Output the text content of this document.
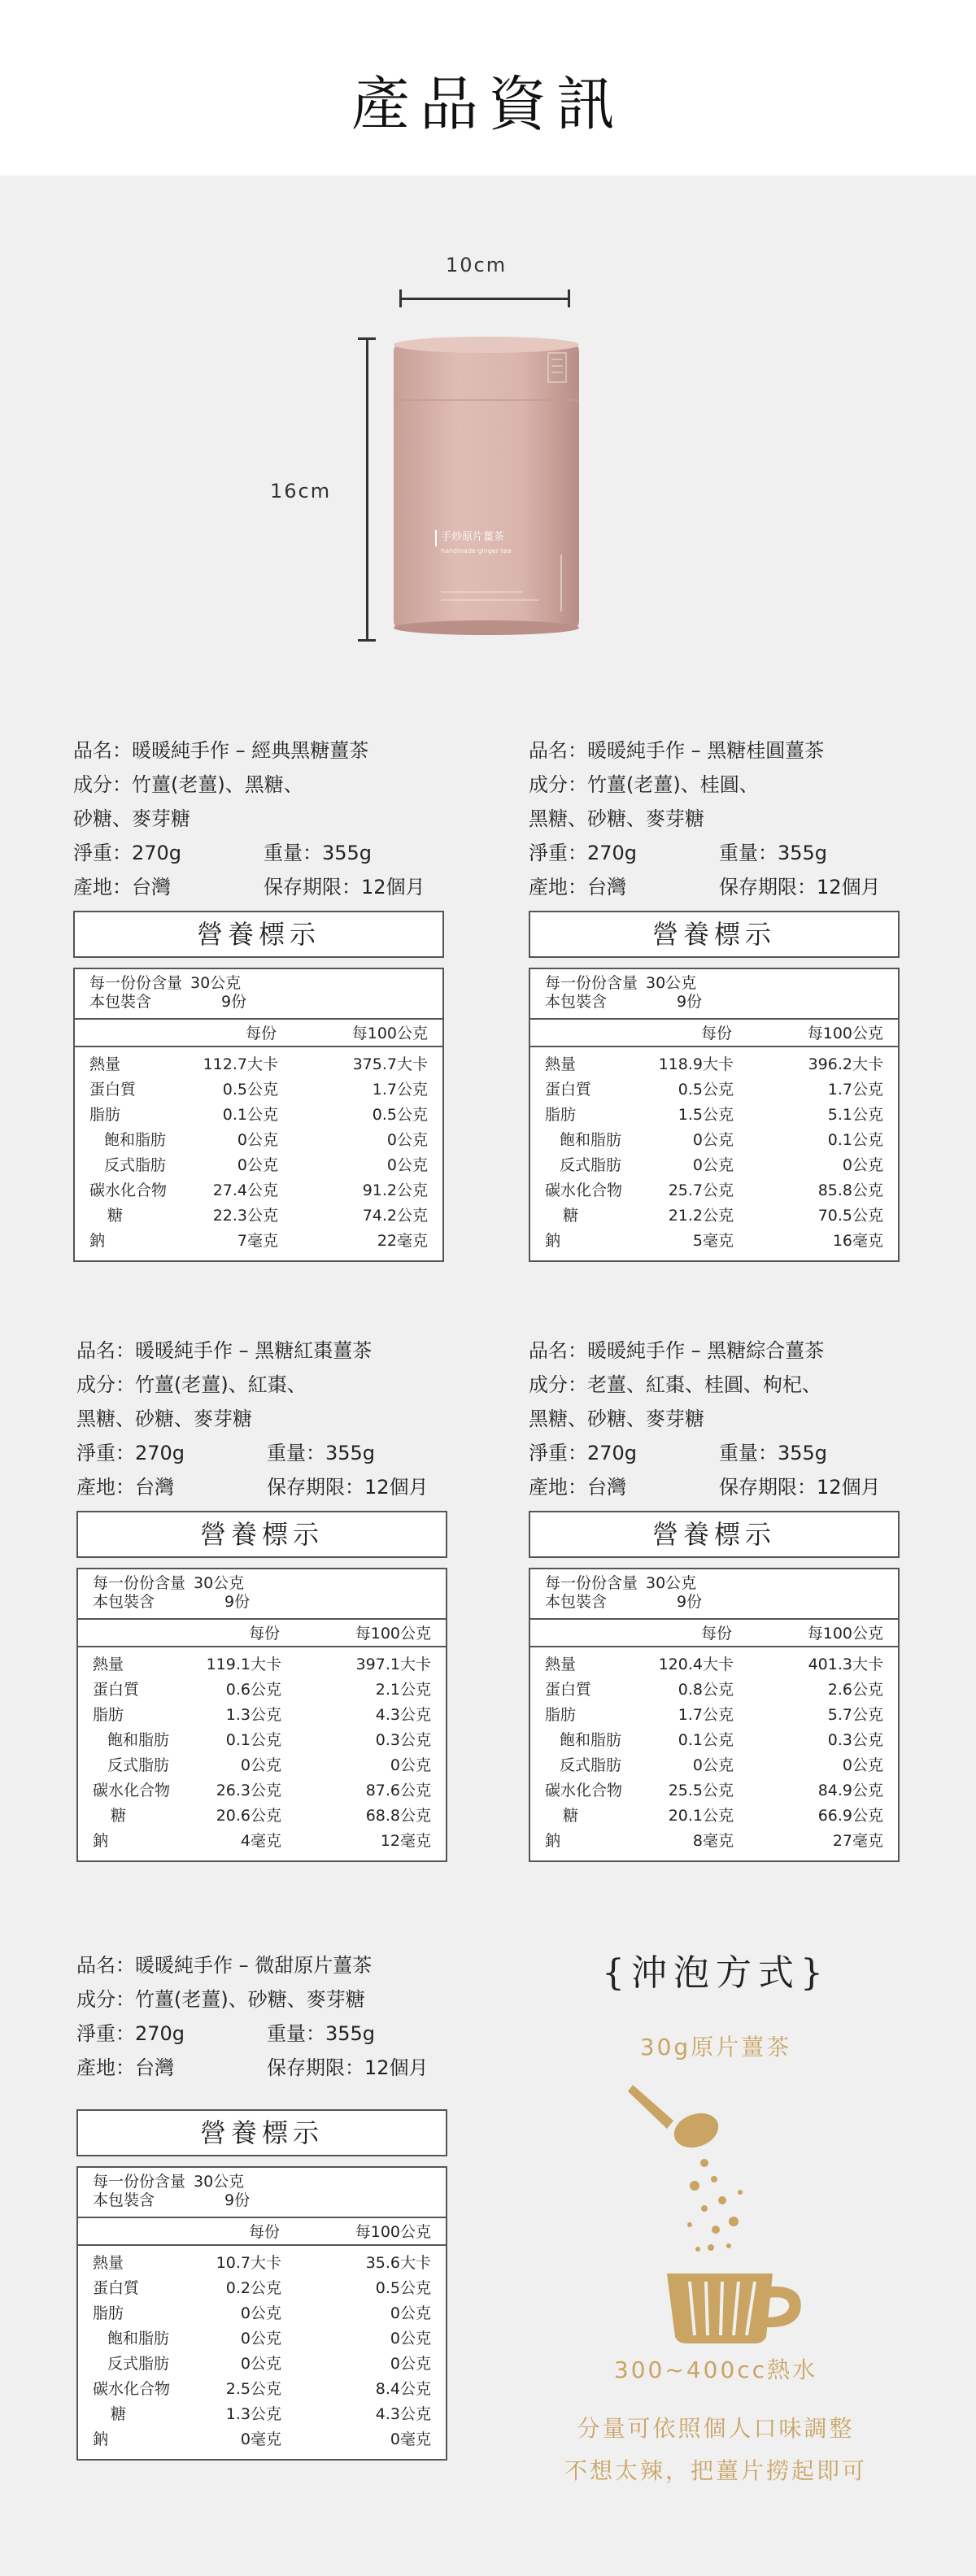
產品資訊
10cm
16cm
手炒原片薑茶
handmade ginger tea
品名：暖暖純手作 – 經典黑糖薑茶
成分：竹薑(老薑)、黑糖、
砂糖、麥芽糖
淨重：270g	重量：355g
產地：台灣	保存期限：12個月
營養標示
每一份份含量 30公克
本包裝含	9份
每份	每100公克
熱量	112.7大卡	375.7大卡
蛋白質	0.5公克	1.7公克
脂肪	0.1公克	0.5公克
飽和脂肪	0公克	0公克
反式脂肪	0公克	0公克
碳水化合物	27.4公克	91.2公克
糖	22.3公克	74.2公克
鈉	7毫克	22毫克
品名：暖暖純手作 – 黑糖桂圓薑茶
成分：竹薑(老薑)、桂圓、
黑糖、砂糖、麥芽糖
淨重：270g	重量：355g
產地：台灣	保存期限：12個月
營養標示
每一份份含量 30公克
本包裝含	9份
每份	每100公克
熱量	118.9大卡	396.2大卡
蛋白質	0.5公克	1.7公克
脂肪	1.5公克	5.1公克
飽和脂肪	0公克	0.1公克
反式脂肪	0公克	0公克
碳水化合物	25.7公克	85.8公克
糖	21.2公克	70.5公克
鈉	5毫克	16毫克
品名：暖暖純手作 – 黑糖紅棗薑茶
成分：竹薑(老薑)、紅棗、
黑糖、砂糖、麥芽糖
淨重：270g	重量：355g
產地：台灣	保存期限：12個月
營養標示
每一份份含量 30公克
本包裝含	9份
每份	每100公克
熱量	119.1大卡	397.1大卡
蛋白質	0.6公克	2.1公克
脂肪	1.3公克	4.3公克
飽和脂肪	0.1公克	0.3公克
反式脂肪	0公克	0公克
碳水化合物	26.3公克	87.6公克
糖	20.6公克	68.8公克
鈉	4毫克	12毫克
品名：暖暖純手作 – 黑糖綜合薑茶
成分：老薑、紅棗、桂圓、枸杞、
黑糖、砂糖、麥芽糖
淨重：270g	重量：355g
產地：台灣	保存期限：12個月
營養標示
每一份份含量 30公克
本包裝含	9份
每份	每100公克
熱量	120.4大卡	401.3大卡
蛋白質	0.8公克	2.6公克
脂肪	1.7公克	5.7公克
飽和脂肪	0.1公克	0.3公克
反式脂肪	0公克	0公克
碳水化合物	25.5公克	84.9公克
糖	20.1公克	66.9公克
鈉	8毫克	27毫克
品名：暖暖純手作 – 微甜原片薑茶
成分：竹薑(老薑)、砂糖、麥芽糖
淨重：270g	重量：355g
產地：台灣	保存期限：12個月
營養標示
每一份份含量 30公克
本包裝含	9份
每份	每100公克
熱量	10.7大卡	35.6大卡
蛋白質	0.2公克	0.5公克
脂肪	0公克	0公克
飽和脂肪	0公克	0公克
反式脂肪	0公克	0公克
碳水化合物	2.5公克	8.4公克
糖	1.3公克	4.3公克
鈉	0毫克	0毫克
{沖泡方式}
30g原片薑茶
300~400cc熱水
分量可依照個人口味調整
不想太辣，把薑片撈起即可
